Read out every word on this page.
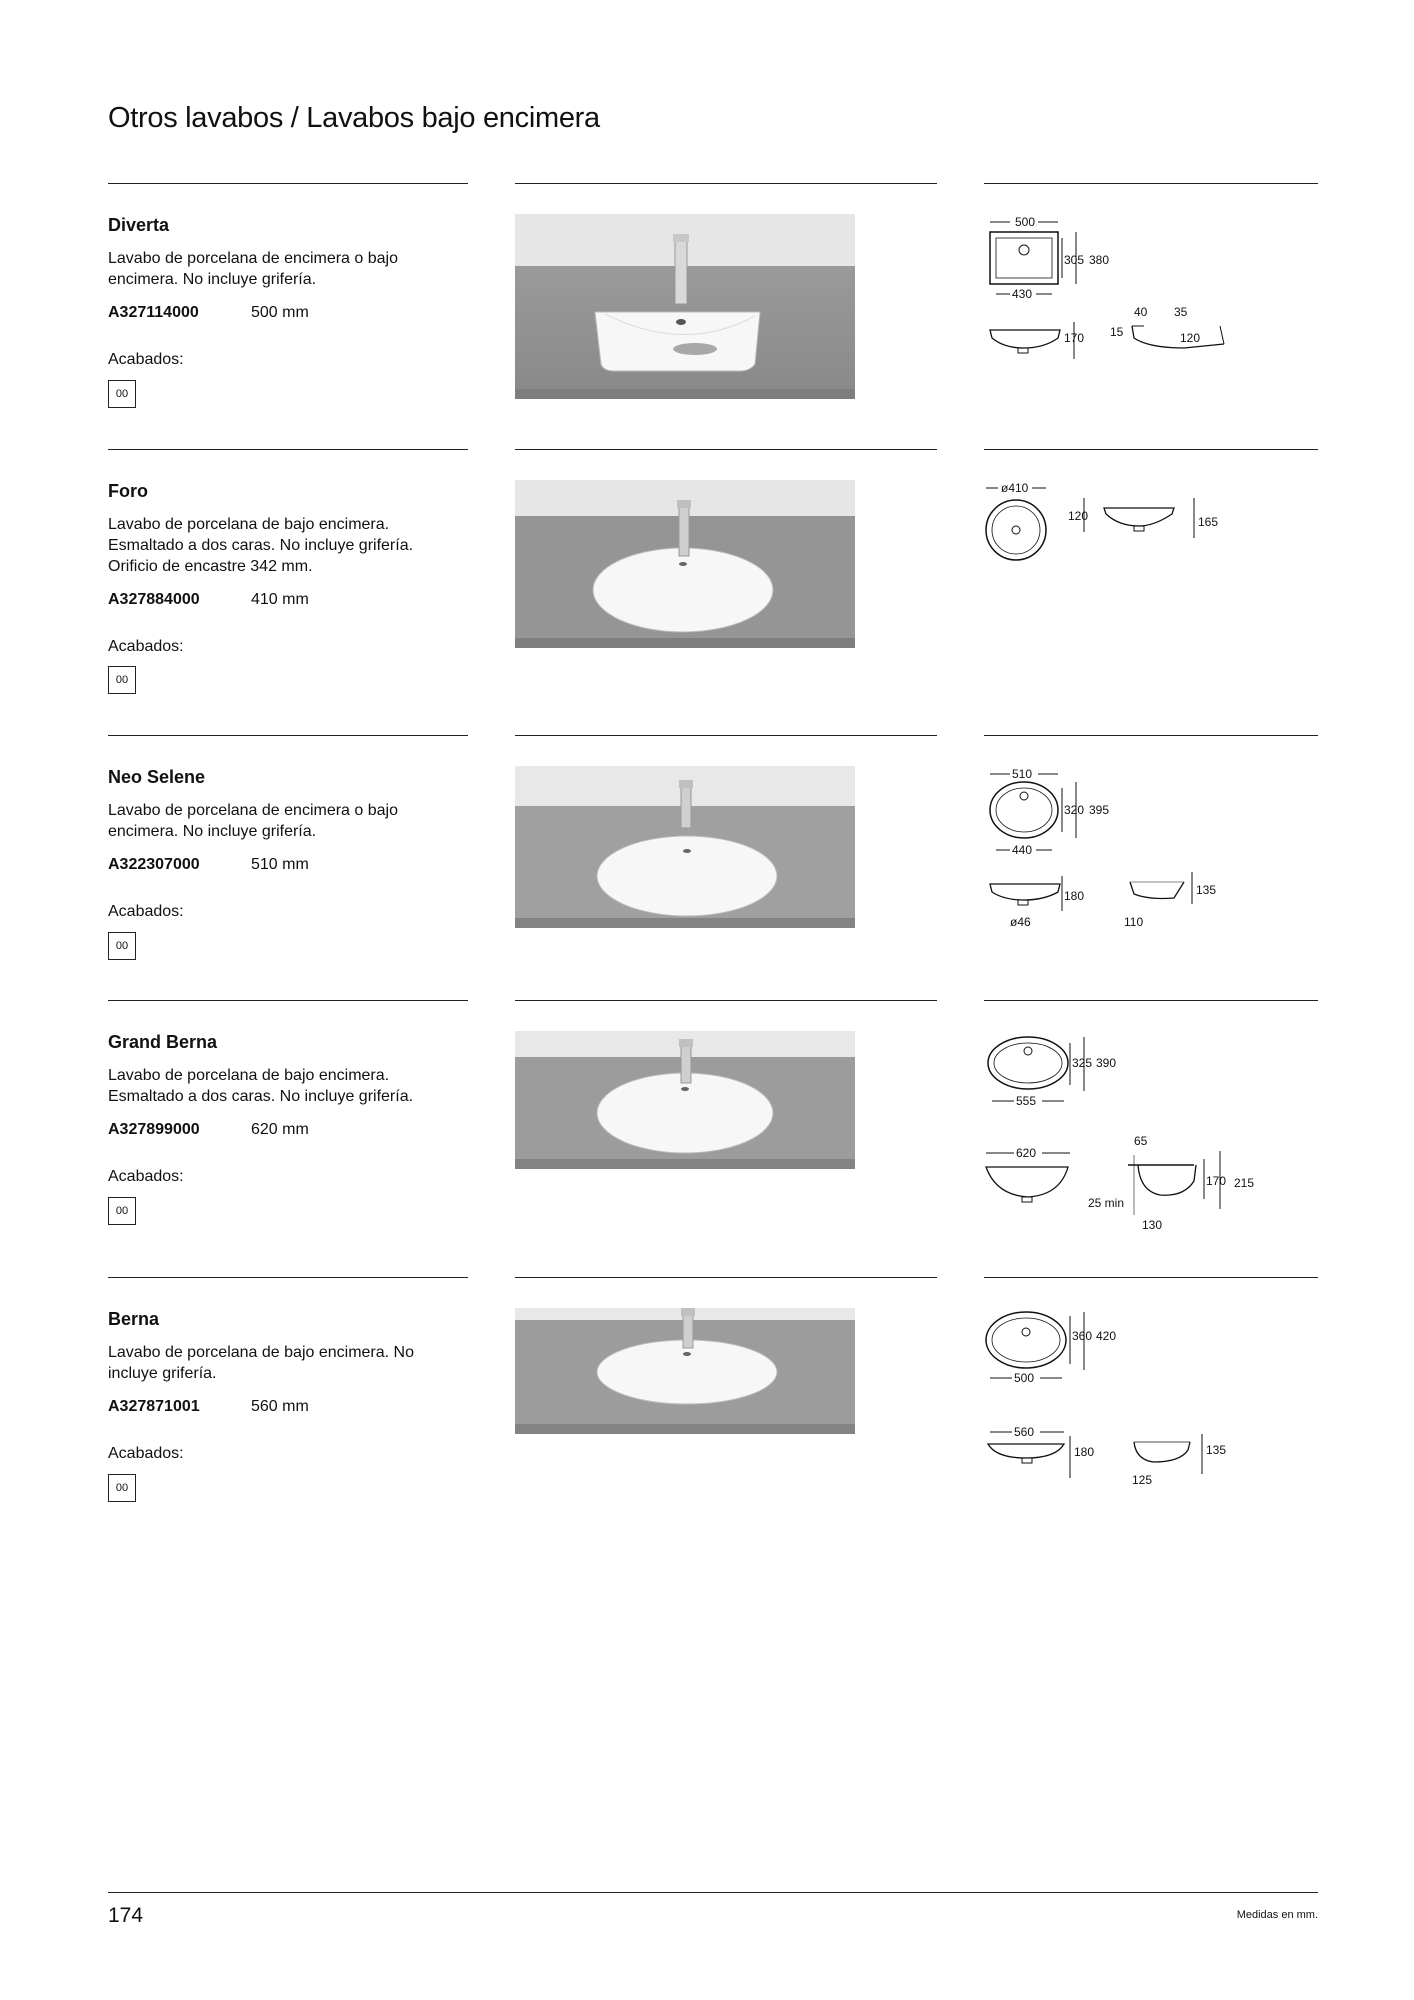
Otros lavabos / Lavabos bajo encimera
Diverta
Lavabo de porcelana de encimera o bajo encimera. No incluye grifería.
A327114000	500 mm
Acabados:
00
500
430
305 380
170
40 35
15	120
Foro
Lavabo de porcelana de bajo encimera. Esmaltado a dos caras. No incluye grifería. Orificio de encastre 342 mm.
A327884000	410 mm
Acabados:
00
ø410
120	165
Neo Selene
Lavabo de porcelana de encimera o bajo encimera. No incluye grifería.
A322307000	510 mm
Acabados:
00
510
440
320 395
180
ø46
135
110
Grand Berna
Lavabo de porcelana de bajo encimera. Esmaltado a dos caras. No incluye grifería.
A327899000	620 mm
Acabados:
00
555
325 390
620
65
170 215
25 min
130
Berna
Lavabo de porcelana de bajo encimera. No incluye grifería.
A327871001	560 mm
Acabados:
00
500
360 420
560
180	135
125
174	Medidas en mm.
